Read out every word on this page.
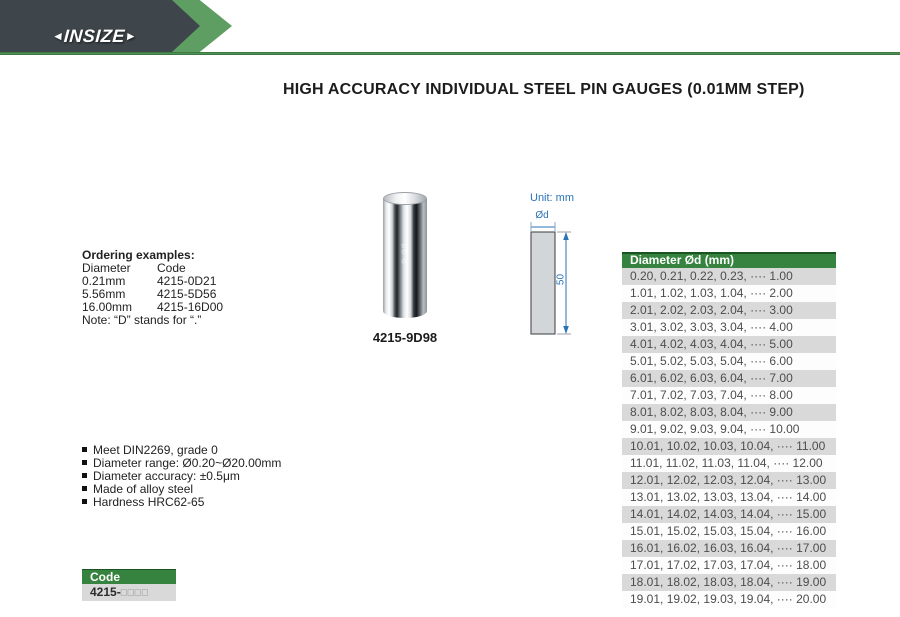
◄INSIZE►
HIGH ACCURACY INDIVIDUAL STEEL PIN GAUGES (0.01MM STEP)
Ordering examples:
Diameter Code
0.21mm	4215-0D21
5.56mm	4215-5D56
16.00mm 4215-16D00
Note: “D” stands for “.”
9.98
4215-9D98
Unit: mm
Ød
50
Meet DIN2269, grade 0
Diameter range: Ø0.20~Ø20.00mm
Diameter accuracy: ±0.5μm
Made of alloy steel
Hardness HRC62-65
Code
4215-□□□□
Diameter Ød (mm)
0.20, 0.21, 0.22, 0.23, ···· 1.00
1.01, 1.02, 1.03, 1.04, ···· 2.00
2.01, 2.02, 2.03, 2.04, ···· 3.00
3.01, 3.02, 3.03, 3.04, ···· 4.00
4.01, 4.02, 4.03, 4.04, ···· 5.00
5.01, 5.02, 5.03, 5.04, ···· 6.00
6.01, 6.02, 6.03, 6.04, ···· 7.00
7.01, 7.02, 7.03, 7.04, ···· 8.00
8.01, 8.02, 8.03, 8.04, ···· 9.00
9.01, 9.02, 9.03, 9.04, ···· 10.00
10.01, 10.02, 10.03, 10.04, ···· 11.00
11.01, 11.02, 11.03, 11.04, ···· 12.00
12.01, 12.02, 12.03, 12.04, ···· 13.00
13.01, 13.02, 13.03, 13.04, ···· 14.00
14.01, 14.02, 14.03, 14.04, ···· 15.00
15.01, 15.02, 15.03, 15.04, ···· 16.00
16.01, 16.02, 16.03, 16.04, ···· 17.00
17.01, 17.02, 17.03, 17.04, ···· 18.00
18.01, 18.02, 18.03, 18.04, ···· 19.00
19.01, 19.02, 19.03, 19.04, ···· 20.00
